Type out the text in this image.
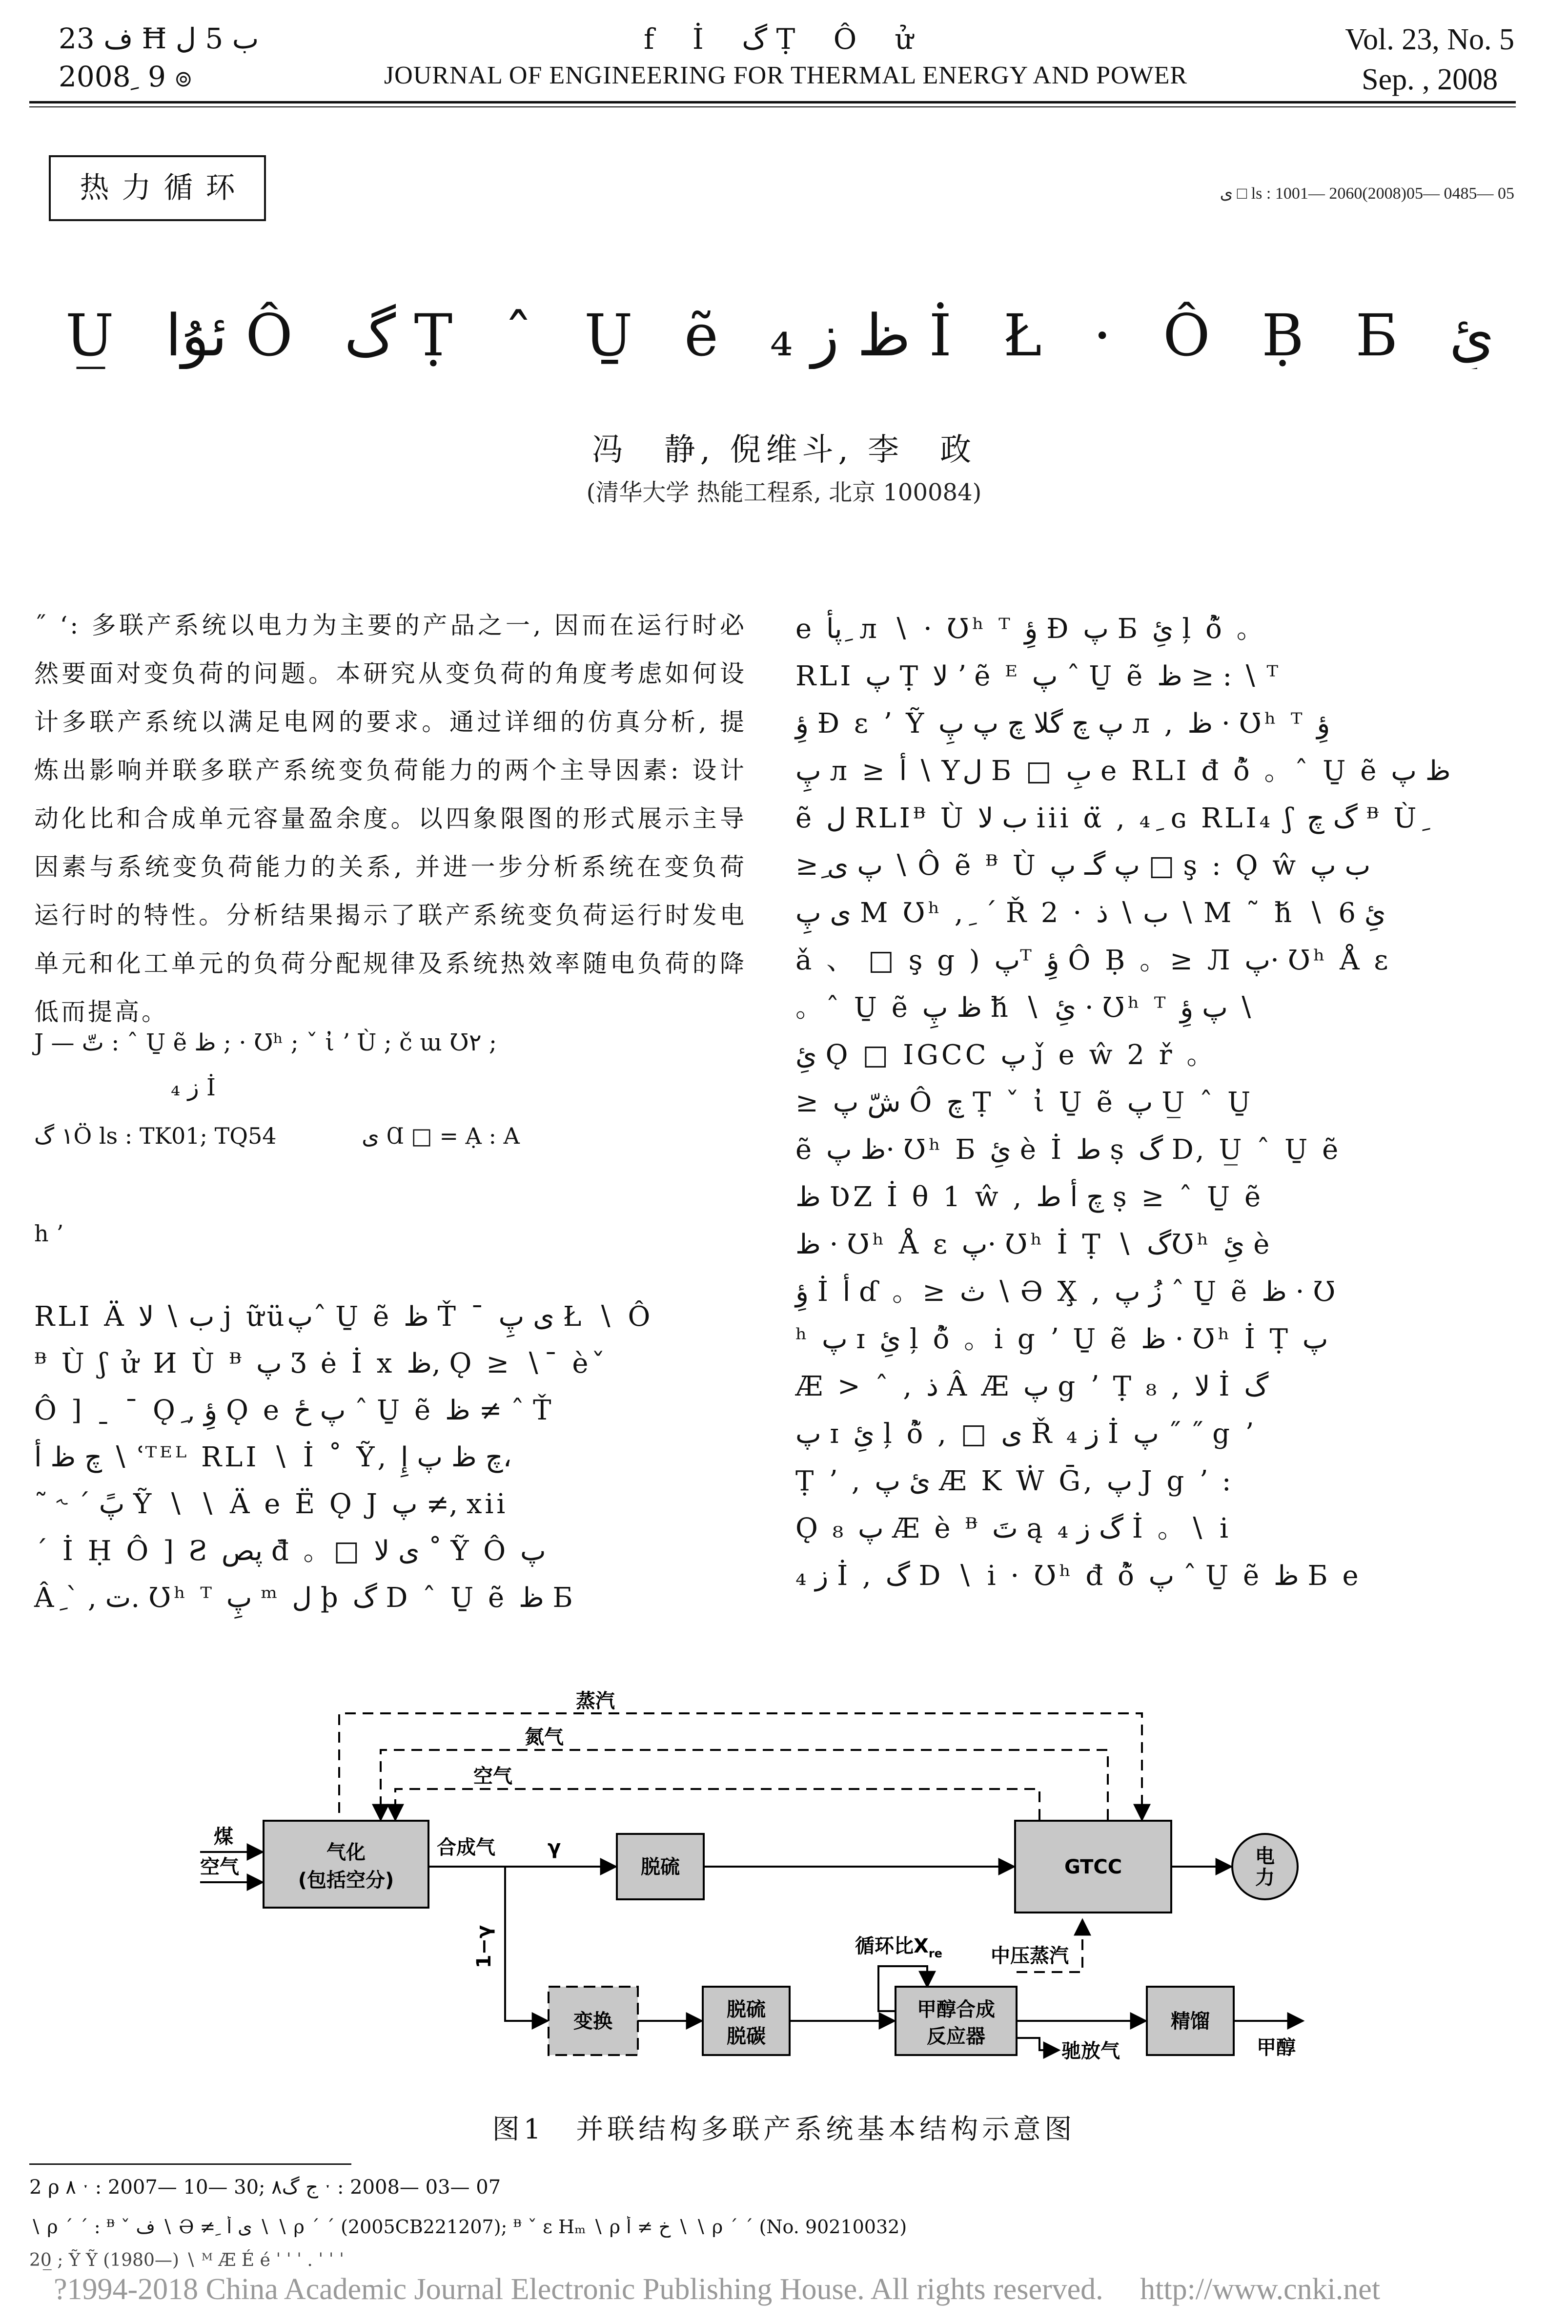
ف 23 Ħ ب 5 ل
2008 ِ 9 ๏
f İ گ Ṭ Ô ử
JOURNAL OF ENGINEERING FOR THERMAL ENERGY AND POWER
Vol. 23, No. 5
Sep. , 2008
热力循环	ى □ ls : 1001— 2060(2008)05— 0485— 05
̲U̲ ئۇا Ô گ Ṭ ˆ U̱ ẽ ظ ز ₄ İ Ł · Ô Ḅ Б ئِ
冯　静, 倪维斗, 李　政
(清华大学 热能工程系, 北京 100084)
˝ ʻ: 多联产系统以电力为主要的产品之一, 因而在运行时必然要面对变负荷的问题。本研究从变负荷的角度考虑如何设计多联产系统以满足电网的要求。通过详细的仿真分析, 提炼出影响并联多联产系统变负荷能力的两个主导因素: 设计动化比和合成单元容量盈余度。以四象限图的形式展示主导因素与系统变负荷能力的关系, 并进一步分析系统在变负荷运行时的特性。分析结果揭示了联产系统变负荷运行时发电单元和化工单元的负荷分配规律及系统热效率随电负荷的降低而提高。
J — تّ : ˆ U̱ ẽ ظ ; · Ʊʰ ; ˇ ἰ ʼ Ù ; č ɯ Ʊ٢ ;
ز ₄ İ
١ گÖ ls : TK01; TQ54	ى Ɑ □ = Ạ : A
h ʼ
RLI Ä ب ∖ لا j ữüپˆ U̱ ẽ ظ Ť ¯ ی پِ Ł ∖ Ô
ᴯ Ù ʃ ử И Ù ᴯ پ Ʒ ė İ x ظ, Ǫ ≥ ∖¯ èˇ
Ô ] ˍ ˉ Ǫ ِ, ؤِ Ǫ e پ ځ ˆ U̱ ẽ ظ ≠ ˆ Ť
چ ظ أ ∖ ʿᵀᴱᴸ RLI ∖ İ ˚ Ỹ, چ ظ پ إِ،
˜ ˞ ˊ پً Ỹ ∖ ∖ Ä e Ë Ǫ J پ ≠, xii
ˊ İ Ḥ Ô ] Ƨ پص đ̄ 。□ ى لا ˚ Ỹ Ô پ
Â ِˋ , ت. Ʊʰ ᵀ پِ ᵐ ل þ گ D ˆ U̱ ẽ ظ Б
e پأ ِ л ∖ · Ʊʰ ᵀ ؤِ Đ پ Б ئِ ļ ỏ̃ 。
RLI پ Ṭ لا ʼ ẽ ᴱ پ ˆ U̱ ẽ ظ ≥ : ∖ ᵀ
ؤِ Đ ε ʼ Ỹ پ چ گلا چ پ پِ л , ظ · Ʊʰ ᵀ ؤِ
پِ л ≥ أ ∖ Yل Б □ بِ e RLI đ ỏ̃ 。ˆ U̱ ẽ ظ پ
ẽ ل RLIᴯ Ù ب لا iii α̈ , ₄ ِ ɢ RLI₄ ʃ گ چ ᴯ Ù ِ
≥ ِپ ی ∖ Ô ẽ ᴯ Ù پ گـ پ □ ş : Ǫ ŵ ب پ
ی پِ M Ʊʰ , ِ ˊ Ř 2 · ب ∖ ذ ∖ M ˜ ħ́ ∖ ئِ 6
ǎ 、 □ ş g ) پᵀ ؤِ Ô Ḅ 。≥ Л پ· Ʊʰ Å ε
。ˆ U̱ ẽ ظ پِ ħ́ ∖ ئِ · Ʊʰ ᵀ پ ؤِ ∖
ئِ Ǫ □ IGCC پ ǰ e ŵ 2 ř 。
≥ شّ پ Ô چ Ṭ ˇ ἰ U̱ ẽ پ U̲ ˆ U̱
ẽ ظ پ· Ʊʰ Б ئِ è İ ط ṣ گ D, U̲ ˆ U̱ ẽ
ظ ƲZ İ θ 1 ŵ , چ أ ط ṣ ≥ ˆ U̱ ẽ
ظ · Ʊʰ Å ε پ· Ʊʰ İ Ṭ ∖ گƱʰ ئِ è
ؤِ İ أ ɗ 。≥ ث ∖ Ə X̧ , زُ پ ˆ U̱ ẽ ظ · Ʊ
ʰ پ ɪ ئِ ļ ỏ̃ 。i g ʼ U̱ ẽ ظ · Ʊʰ İ Ṭ پ
Æ > ˆ , ذ Â Æ پ g ʼ Ṭ ₈ , لا İ گ
پ ɪ ئِ ļ ỏ̃ , □ ى Ř ز ₄ İ پ ˝ ˝ g ʼ
Ṭ ʼ , ئ پ Æ K Ẇ Ḡ, پ J g ʼ :
Ǫ ₈ پ Æ è ᴯ تَ ą گ ز ₄ İ 。∖ i
ز ₄ İ , گ D ∖ i · Ʊʰ đ ỏ̃ پ ˆ U̱ ẽ ظ Б e
蒸汽
氮气
空气
煤
空气
气化
(包括空分)
合成气	γ
脱硫	GTCC	电
力
1−γ
变换
脱硫
脱碳
循环比$X_{re}$ 中压蒸汽
甲醇合成
反应器
驰放气
精馏
甲醇
图1　并联结构多联产系统基本结构示意图
2 ρ ٨ ˑ : 2007— 10— 30; ج گ٨ ˑ : 2008— 03— 07
∖ ρ ˊ ˊ : ᴯ ˇ ف ∖ Ə ≠ ِ ی أ ∖ ∖ ρ ˊ ˊ (2005CB221207); ᴯ ˇ ε Hₘ ∖ ρ خ ≠ أ ∖ ∖ ρ ˊ ˊ (No. 90210032)
20̲ ; Ỹ Ỹ (1980—) ∖ ᴹ Æ É é ˈ ˈ ˈ . ˈ ˈ ˈ
?1994-2018 China Academic Journal Electronic Publishing House. All rights reserved. http://www.cnki.net
